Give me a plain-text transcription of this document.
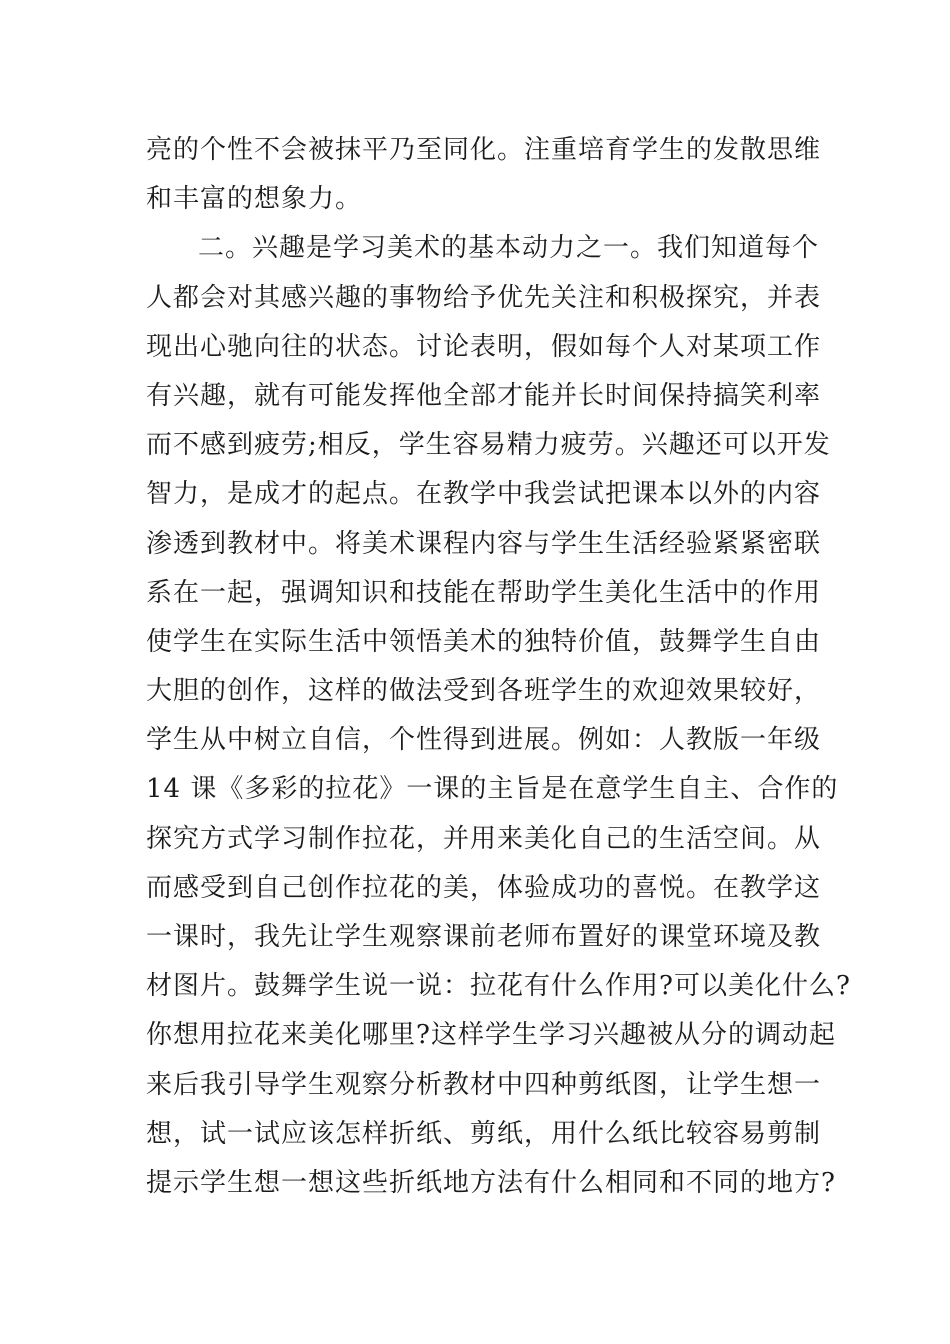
亮的个性不会被抹平乃至同化。注重培育学生的发散思维
和丰富的想象力。
二。兴趣是学习美术的基本动力之一。我们知道每个
人都会对其感兴趣的事物给予优先关注和积极探究，并表
现出心驰向往的状态。讨论表明，假如每个人对某项工作
有兴趣，就有可能发挥他全部才能并长时间保持搞笑利率
而不感到疲劳;相反，学生容易精力疲劳。兴趣还可以开发
智力，是成才的起点。在教学中我尝试把课本以外的内容
渗透到教材中。将美术课程内容与学生生活经验紧紧密联
系在一起，强调知识和技能在帮助学生美化生活中的作用
使学生在实际生活中领悟美术的独特价值，鼓舞学生自由
大胆的创作，这样的做法受到各班学生的欢迎效果较好，
学生从中树立自信，个性得到进展。例如：人教版一年级
14 课《多彩的拉花》一课的主旨是在意学生自主、合作的
探究方式学习制作拉花，并用来美化自己的生活空间。从
而感受到自己创作拉花的美，体验成功的喜悦。在教学这
一课时，我先让学生观察课前老师布置好的课堂环境及教
材图片。鼓舞学生说一说：拉花有什么作用?可以美化什么?
你想用拉花来美化哪里?这样学生学习兴趣被从分的调动起
来后我引导学生观察分析教材中四种剪纸图，让学生想一
想，试一试应该怎样折纸、剪纸，用什么纸比较容易剪制
提示学生想一想这些折纸地方法有什么相同和不同的地方?
